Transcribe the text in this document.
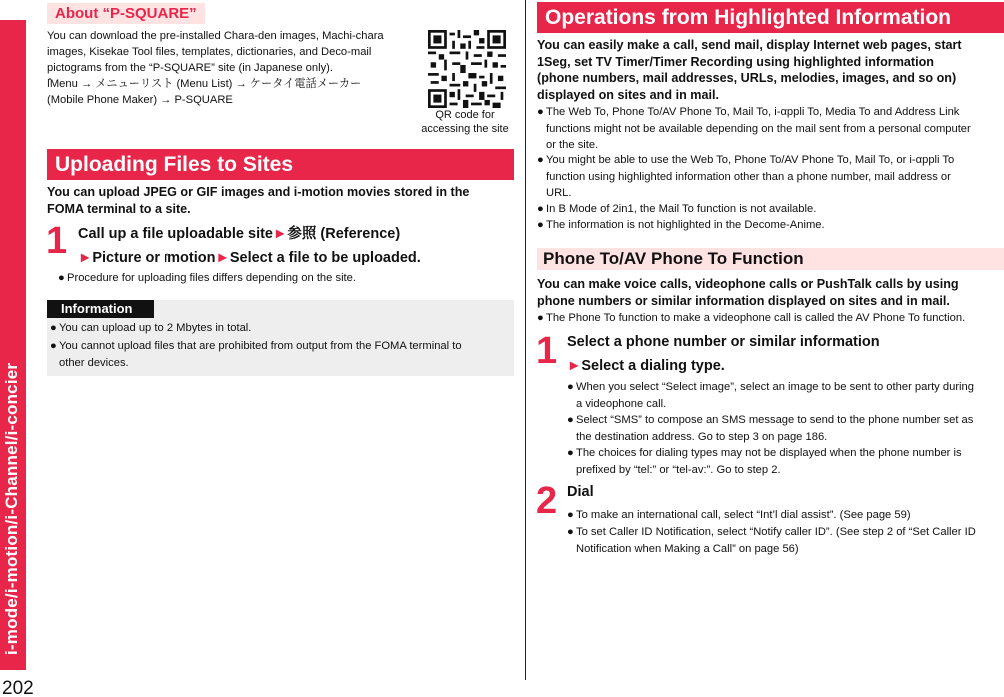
i-mode/i-motion/i-Channel/i-concier
202
About “P-SQUARE”
You can download the pre-installed Chara-den images, Machi-chara
images, Kisekae Tool files, templates, dictionaries, and Deco-mail
pictograms from the “P-SQUARE” site (in Japanese only).
ǀ̊Menu → メニューリスト (Menu List) → ケータイ電話メーカー
(Mobile Phone Maker) → P-SQUARE
QR code for
accessing the site
Uploading Files to Sites
You can upload JPEG or GIF images and i-motion movies stored in the
FOMA terminal to a site.
1 Call up a file uploadable site►参照 (Reference)
►Picture or ǀ̊motion►Select a file to be uploaded.
● Procedure for uploading files differs depending on the site.
Information
● You can upload up to 2 Mbytes in total.
● You cannot upload files that are prohibited from output from the FOMA terminal to
other devices.
Operations from Highlighted Information
You can easily make a call, send mail, display Internet web pages, start
1Seg, set TV Timer/Timer Recording using highlighted information
(phone numbers, mail addresses, URLs, melodies, images, and so on)
displayed on sites and in mail.
● The Web To, Phone To/AV Phone To, Mail To, i-αppli To, Media To and Address Link
functions might not be available depending on the mail sent from a personal computer
or the site.
● You might be able to use the Web To, Phone To/AV Phone To, Mail To, or i-αppli To
function using highlighted information other than a phone number, mail address or
URL.
● In B Mode of 2in1, the Mail To function is not available.
● The information is not highlighted in the Decome-Anime.
Phone To/AV Phone To Function
You can make voice calls, videophone calls or PushTalk calls by using
phone numbers or similar information displayed on sites and in mail.
● The Phone To function to make a videophone call is called the AV Phone To function.
1 Select a phone number or similar information
►Select a dialing type.
● When you select “Select image”, select an image to be sent to other party during
a videophone call.
● Select “SMS” to compose an SMS message to send to the phone number set as
the destination address. Go to step 3 on page 186.
● The choices for dialing types may not be displayed when the phone number is
prefixed by “tel:” or “tel-av:”. Go to step 2.
2 Dial
● To make an international call, select “Int’l dial assist”. (See page 59)
● To set Caller ID Notification, select “Notify caller ID”. (See step 2 of “Set Caller ID
Notification when Making a Call” on page 56)
